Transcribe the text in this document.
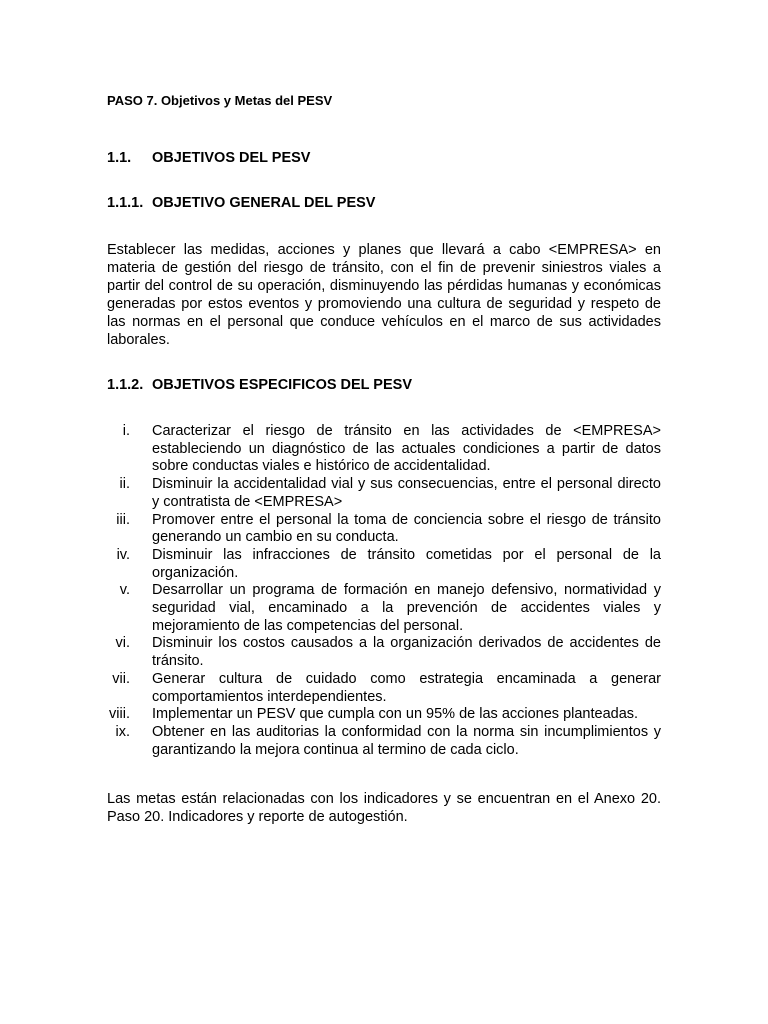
PASO 7. Objetivos y Metas del PESV
1.1. OBJETIVOS DEL PESV
1.1.1. OBJETIVO GENERAL DEL PESV

Establecer las medidas, acciones y planes que llevará a cabo <EMPRESA> en materia de gestión del riesgo de tránsito, con el fin de prevenir siniestros viales a partir del control de su operación, disminuyendo las pérdidas humanas y económicas generadas por estos eventos y promoviendo una cultura de seguridad y respeto de las normas en el personal que conduce vehículos en el marco de sus actividades laborales.

1.1.2. OBJETIVOS ESPECIFICOS DEL PESV
i. Caracterizar el riesgo de tránsito en las actividades de <EMPRESA> estableciendo un diagnóstico de las actuales condiciones a partir de datos sobre conductas viales e histórico de accidentalidad.
ii. Disminuir la accidentalidad vial y sus consecuencias, entre el personal directo y contratista de <EMPRESA>
iii. Promover entre el personal la toma de conciencia sobre el riesgo de tránsito generando un cambio en su conducta.
iv. Disminuir las infracciones de tránsito cometidas por el personal de la organización.
v. Desarrollar un programa de formación en manejo defensivo, normatividad y seguridad vial, encaminado a la prevención de accidentes viales y mejoramiento de las competencias del personal.
vi. Disminuir los costos causados a la organización derivados de accidentes de tránsito.
vii. Generar cultura de cuidado como estrategia encaminada a generar comportamientos interdependientes.
viii. Implementar un PESV que cumpla con un 95% de las acciones planteadas.
ix. Obtener en las auditorias la conformidad con la norma sin incumplimientos y garantizando la mejora continua al termino de cada ciclo.

Las metas están relacionadas con los indicadores y se encuentran en el Anexo 20. Paso 20. Indicadores y reporte de autogestión.
